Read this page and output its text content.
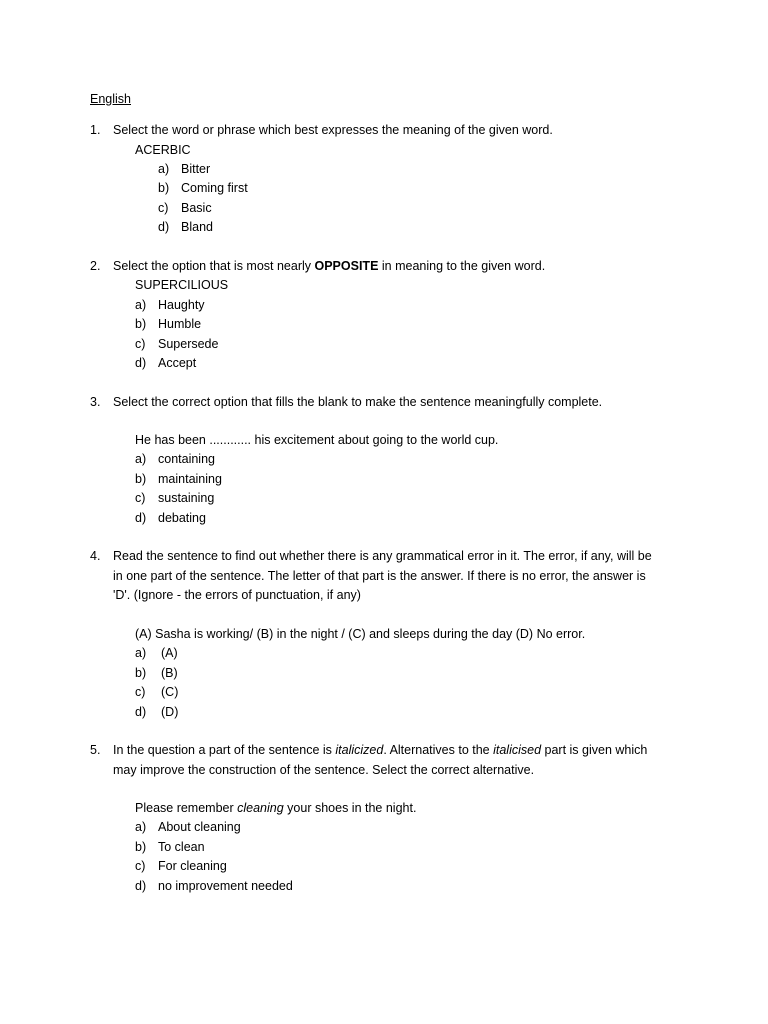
English
1. Select the word or phrase which best expresses the meaning of the given word.
ACERBIC
a) Bitter
b) Coming first
c) Basic
d) Bland
2. Select the option that is most nearly OPPOSITE in meaning to the given word.
SUPERCILIOUS
a) Haughty
b) Humble
c) Supersede
d) Accept
3. Select the correct option that fills the blank to make the sentence meaningfully complete.
He has been ............ his excitement about going to the world cup.
a) containing
b) maintaining
c) sustaining
d) debating
4. Read the sentence to find out whether there is any grammatical error in it. The error, if any, will be
in one part of the sentence. The letter of that part is the answer. If there is no error, the answer is
'D'. (Ignore - the errors of punctuation, if any)
(A) Sasha is working/ (B) in the night / (C) and sleeps during the day (D) No error.
a) (A)
b) (B)
c) (C)
d) (D)
5. In the question a part of the sentence is italicized. Alternatives to the italicised part is given which
may improve the construction of the sentence. Select the correct alternative.
Please remember cleaning your shoes in the night.
a) About cleaning
b) To clean
c) For cleaning
d) no improvement needed
